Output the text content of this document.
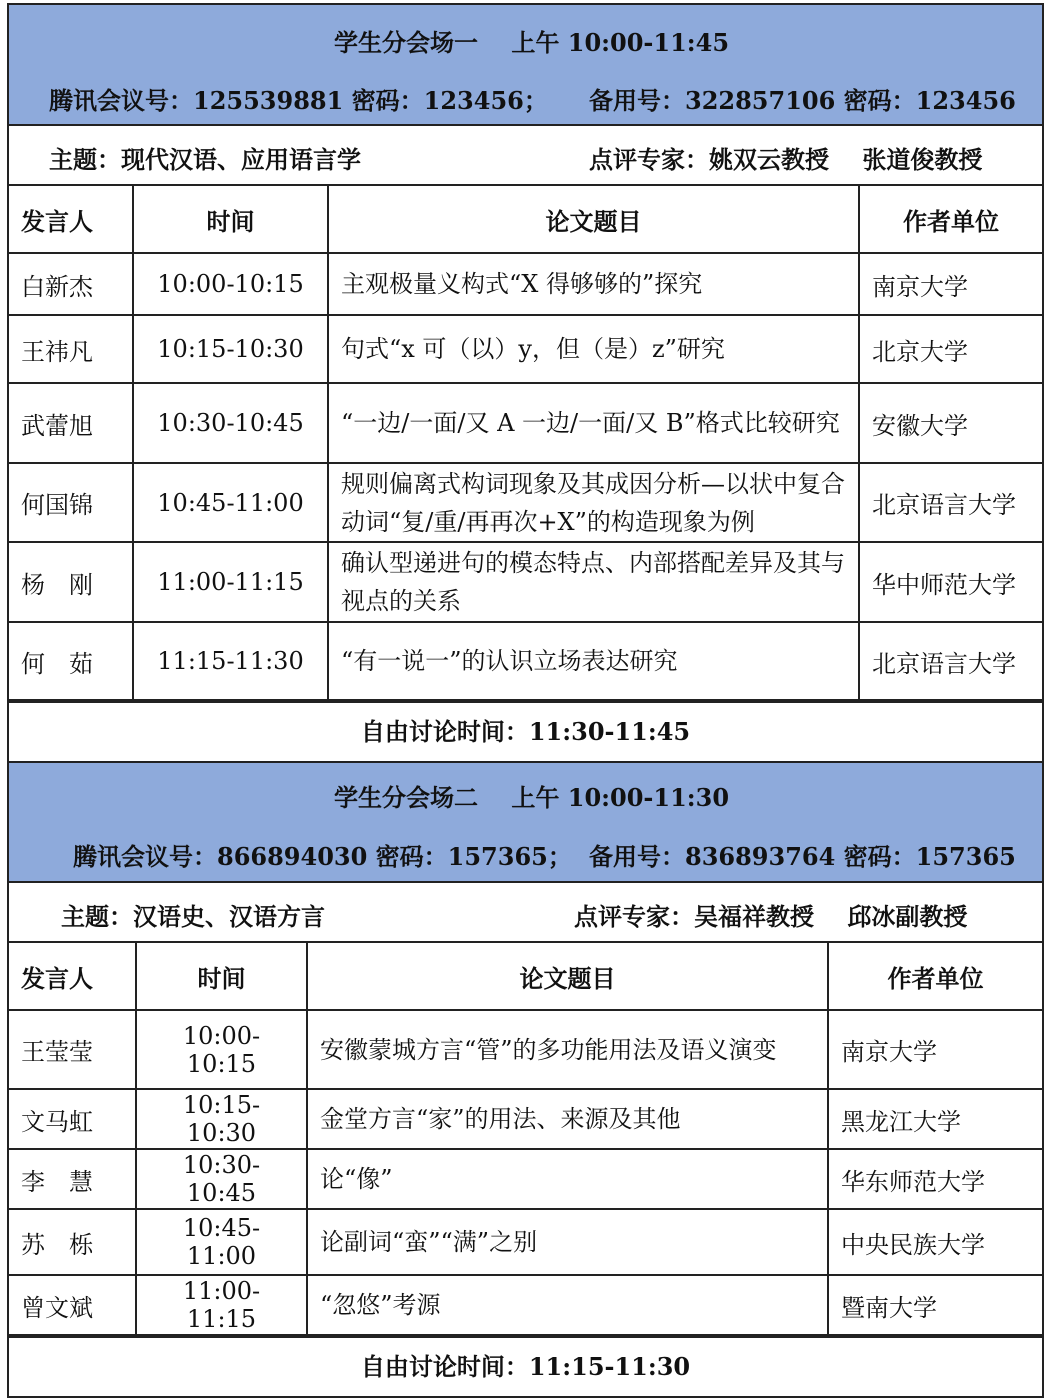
学生分会场一 上午 10:00-11:45
腾讯会议号：125539881 密码：123456；	备用号：322857106 密码：123456
主题：现代汉语、应用语言学	点评专家：姚双云教授    张道俊教授
发言人	时间	论文题目	作者单位
白新杰	10:00-10:15	主观极量义构式“X 得够够的”探究	南京大学
王祎凡	10:15-10:30	句式“x 可（以）y，但（是）z”研究	北京大学
武蕾旭	10:30-10:45	“一边/一面/又 A 一边/一面/又 B”格式比较研究	安徽大学
何国锦	10:45-11:00	规则偏离式构词现象及其成因分析—以状中复合动词“复/重/再再次+X”的构造现象为例	北京语言大学
杨　刚	11:00-11:15	确认型递进句的模态特点、内部搭配差异及其与视点的关系	华中师范大学
何　茹	11:15-11:30	“有一说一”的认识立场表达研究	北京语言大学
自由讨论时间：11:30-11:45
学生分会场二 上午 10:00-11:30
腾讯会议号：866894030 密码：157365； 备用号：836893764 密码：157365
主题：汉语史、汉语方言	点评专家：吴福祥教授    邱冰副教授
发言人	时间	论文题目	作者单位
王莹莹	10:00-10:15	安徽蒙城方言“管”的多功能用法及语义演变	南京大学
文马虹	10:15-10:30	金堂方言“家”的用法、来源及其他	黑龙江大学
李　慧	10:30-10:45	论“像”	华东师范大学
苏　栎	10:45-11:00	论副词“蛮”“满”之别	中央民族大学
曾文斌	11:00-11:15	“忽悠”考源	暨南大学
自由讨论时间：11:15-11:30
